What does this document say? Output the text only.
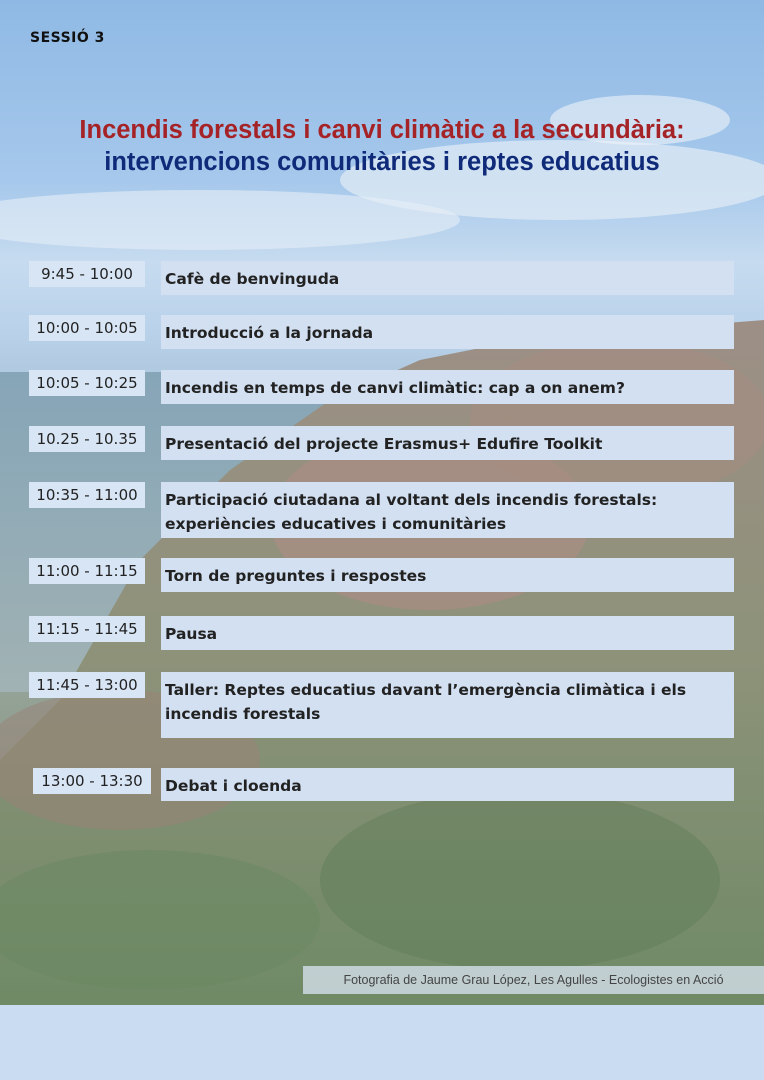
SESSIÓ 3
Incendis forestals i canvi climàtic a la secundària:
intervencions comunitàries i reptes educatius
9:45 - 10:00	Cafè de benvinguda
10:00 - 10:05	Introducció a la jornada
10:05 - 10:25	Incendis en temps de canvi climàtic: cap a on anem?
10.25 - 10.35	Presentació del projecte Erasmus+ Edufire Toolkit
10:35 - 11:00	Participació ciutadana al voltant dels incendis forestals: experiències educatives i comunitàries
11:00 - 11:15	Torn de preguntes i respostes
11:15 - 11:45	Pausa
11:45 - 13:00	Taller: Reptes educatius davant l’emergència climàtica i els incendis forestals
13:00 - 13:30	Debat i cloenda
Fotografia de Jaume Grau López, Les Agulles - Ecologistes en Acció
